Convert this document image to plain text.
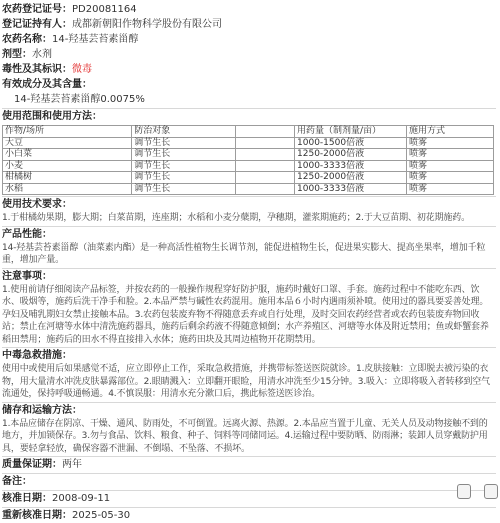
农药登记证号：PD20081164
登记证持有人：成都新朝阳作物科学股份有限公司
农药名称：14-羟基芸苔素甾醇
剂型：水剂
毒性及其标识：微毒
有效成分及其含量：
14-羟基芸苔素甾醇0.0075%
使用范围和使用方法：
作物/场所	防治对象		用药量（制剂量/亩）	施用方式
大豆	调节生长		1000-1500倍液	喷雾
小白菜	调节生长		1250-2000倍液	喷雾
小麦	调节生长		1000-3333倍液	喷雾
柑橘树	调节生长		1250-2000倍液	喷雾
水稻	调节生长		1000-3333倍液	喷雾
使用技术要求：
1.于柑橘幼果期，膨大期；白菜苗期，连座期；水稻和小麦分蘖期，孕穗期，灌浆期施药；2.于大豆苗期、初花期施药。
产品性能：
14-羟基芸苔素甾醇（油菜素内酯）是一种高活性植物生长调节剂，能促进植物生长，促进果实膨大、提高坐果率，增加千粒重，增加产量。
注意事项：
1.使用前请仔细阅读产品标签，并按农药的一般操作规程穿好防护服，施药时戴好口罩、手套。施药过程中不能吃东西、饮水、吸烟等，施药后洗干净手和脸。2.本品严禁与碱性农药混用。施用本品６小时内遇雨须补喷。使用过的器具要妥善处理。孕妇及哺乳期妇女禁止接触本品。3.农药包装废弃物不得随意丢弃或自行处理，及时交回农药经营者或农药包装废弃物回收站；禁止在河塘等水体中清洗施药器具，施药后剩余药液不得随意倾倒；水产养殖区、河塘等水体及附近禁用；鱼或虾蟹套养稻田禁用；施药后的田水不得直接排入水体；施药田块及其周边植物开花期禁用。
中毒急救措施：
使用中或使用后如果感觉不适，应立即停止工作，采取急救措施，并携带标签送医院就诊。1.皮肤接触：立即脱去被污染的衣物，用大量清水冲洗皮肤暴露部位。2.眼睛溅入：立即翻开眼睑，用清水冲洗至少15分钟。3.吸入：立即将吸入者转移到空气流通处，保持呼吸通畅通。4.不慎误服：用清水充分漱口后，携此标签送医诊治。
储存和运输方法：
1.本品应储存在阴凉、干燥、通风、防雨处，不可倒置。远离火源、热源。2.本品应当置于儿童、无关人员及动物接触不到的地方，并加锁保存。3.勿与食品、饮料、粮食、种子、饲料等同储同运。4.运输过程中要防晒、防雨淋；装卸人员穿戴防护用具，要轻拿轻放，确保容器不泄漏、不倒塌、不坠落、不损坏。
质量保证期：两年
备注：
核准日期：2008-09-11
重新核准日期：2025-05-30
